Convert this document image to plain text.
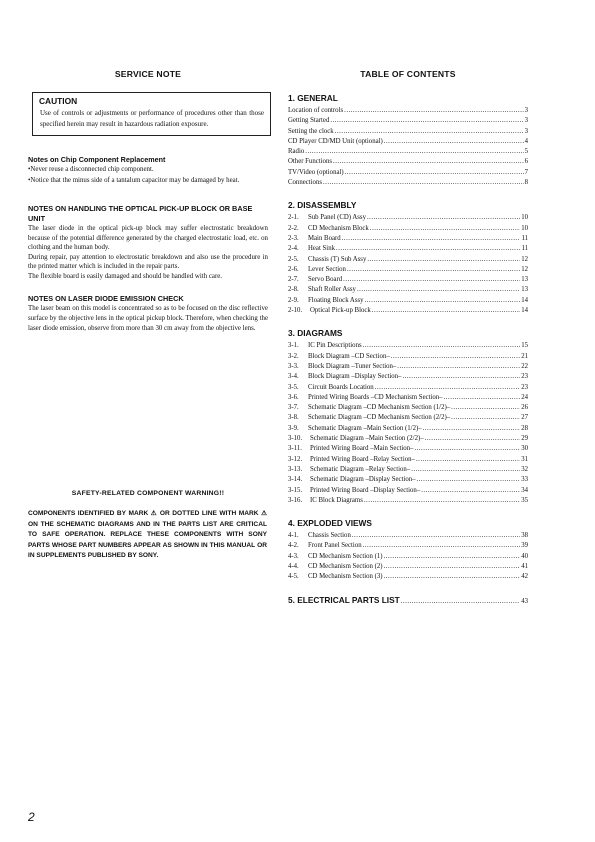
SERVICE NOTE
CAUTION
Use of controls or adjustments or performance of procedures other than those specified herein may result in hazardous radiation exposure.
Notes on Chip Component Replacement
•Never reuse a disconnected chip component.
•Notice that the minus side of a tantalum capacitor may be damaged by heat.
NOTES ON HANDLING THE OPTICAL PICK-UP BLOCK OR BASE UNIT
The laser diode in the optical pick-up block may suffer electrostatic breakdown because of the potential difference generated by the charged electrostatic load, etc. on clothing and the human body.
During repair, pay attention to electrostatic breakdown and also use the procedure in the printed matter which is included in the repair parts.
The flexible board is easily damaged and should be handled with care.
NOTES ON LASER DIODE EMISSION CHECK
The laser beam on this model is concentrated so as to be focused on the disc reflective surface by the objective lens in the optical pickup block. Therefore, when checking the laser diode emission, observe from more than 30 cm away from the objective lens.
SAFETY-RELATED COMPONENT WARNING!!
COMPONENTS IDENTIFIED BY MARK ⚠ OR DOTTED LINE WITH MARK ⚠ ON THE SCHEMATIC DIAGRAMS AND IN THE PARTS LIST ARE CRITICAL TO SAFE OPERATION. REPLACE THESE COMPONENTS WITH SONY PARTS WHOSE PART NUMBERS APPEAR AS SHOWN IN THIS MANUAL OR IN SUPPLEMENTS PUBLISHED BY SONY.
TABLE OF CONTENTS
1. GENERAL
Location of controls .....	3
Getting Started .....	3
Setting the clock .....	3
CD Player CD/MD Unit (optional) .....	4
Radio .....	5
Other Functions .....	6
TV/Video (optional) .....	7
Connections .....	8
2. DISASSEMBLY
2-1.	Sub Panel (CD) Assy .....	10
2-2.	CD Mechanism Block .....	10
2-3.	Main Board .....	11
2-4.	Heat Sink .....	11
2-5.	Chassis (T) Sub Assy .....	12
2-6.	Lever Section .....	12
2-7.	Servo Board .....	13
2-8.	Shaft Roller Assy .....	13
2-9.	Floating Block Assy .....	14
2-10.	Optical Pick-up Block .....	14
3. DIAGRAMS
3-1.	IC Pin Descriptions .....	15
3-2.	Block Diagram –CD Section– .....	21
3-3.	Block Diagram –Tuner Section– .....	22
3-4.	Block Diagram –Display Section– .....	23
3-5.	Circuit Boards Location .....	23
3-6.	Printed Wiring Boards –CD Mechanism Section– .....	24
3-7.	Schematic Diagram –CD Mechanism Section (1/2)– .....	26
3-8.	Schematic Diagram –CD Mechanism Section (2/2)– .....	27
3-9.	Schematic Diagram –Main Section (1/2)– .....	28
3-10.	Schematic Diagram –Main Section (2/2)– .....	29
3-11.	Printed Wiring Board –Main Section– .....	30
3-12.	Printed Wiring Board –Relay Section– .....	31
3-13.	Schematic Diagram –Relay Section– .....	32
3-14.	Schematic Diagram –Display Section– .....	33
3-15.	Printed Wiring Board –Display Section– .....	34
3-16.	IC Block Diagrams .....	35
4. EXPLODED VIEWS
4-1.	Chassis Section .....	38
4-2.	Front Panel Section .....	39
4-3.	CD Mechanism Section (1) .....	40
4-4.	CD Mechanism Section (2) .....	41
4-5.	CD Mechanism Section (3) .....	42
5. ELECTRICAL PARTS LIST .....	43
2
